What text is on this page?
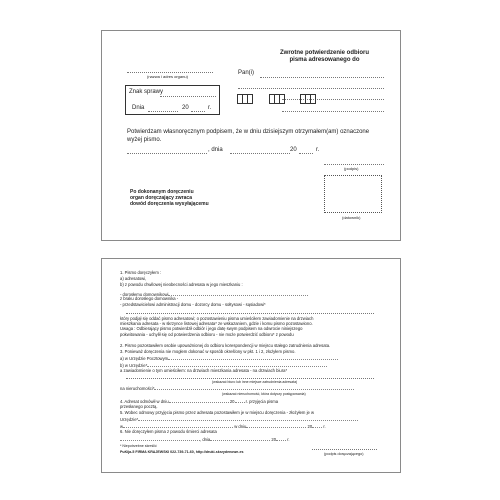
Zwrotne potwierdzenie odbioru
pisma adresowanego do
(nazwa i adres organu)
Pan(i)
Znak sprawy
Dnia	20	r.
Potwierdzam własnoręcznym podpisem, że w dniu dzisiejszym otrzymałem(am) oznaczone
wyżej pismo.
, dnia	20	r.
(podpis)
Po dokonanym doręczeniu
organ doręczający zwraca
dowód doręczenia wysyłającemu
(datownik)
1. Pismo doręczyłem :
a) adresatowi,
b) z powodu chwilowej nieobecności adresata w jego mieszkaniu :
- dorosłemu domownikowi
z braku dorosłego domownika -
- przedstawicielowi administracji domu - dozorcy domu - sołtysowi - sąsiadowi*
który podjął się oddać pismo adresatowi; o pozostawieniu pisma umieściłem zawiadomienie na drzwiach
mieszkania adresata - w skrzynce listowej adresata* ze wskazaniem, gdzie i komu pismo pozostawiono.
Uwaga : Odbierający pismo potwierdził odbiór i jego datę swym podpisem na odwrocie niniejszego
pokwitowania - uchylił się od potwierdzenia odbioru - nie może potwierdzić odbioru* z powodu
2. Pismo pozostawiłem osobie upoważnionej do odbioru korespondencji w miejscu stałego zatrudnienia adresata.
3. Ponieważ doręczenia nie mogłem dokonać w sposób określony w pkt. 1 i 2, złożyłem pismo.
a) w Urzędzie Pocztowym
b) w Urzędzie*
a zawiadomienie o tym umieściłem: na drzwiach mieszkania adresata - na drzwiach biura*
(wskazać biuro lub inne miejsce zatrudnienia adresata)
na nieruchomości*
(wskazać nieruchomość, która dotyczy postępowania)
4. Adresat odmówił w dniu	20	r. przyjęcia pisma
przesłanego pocztą.
5. Wobec odmowy przyjęcia pismo przez adresata pozostawiłem je w miejscu doręczenia - złożyłem je w
Urzędzie*
w	w dniu	20	r.
6. Nie doręczyłem pisma z powodu śmierci adresata
, dnia	20	r.
* Niepotrzebne skreślić
PuKija-5 FIRMA KRAJEWSKI 022-739-71-60, http://druki-skrzydenowe-es	(podpis doręczającego)
